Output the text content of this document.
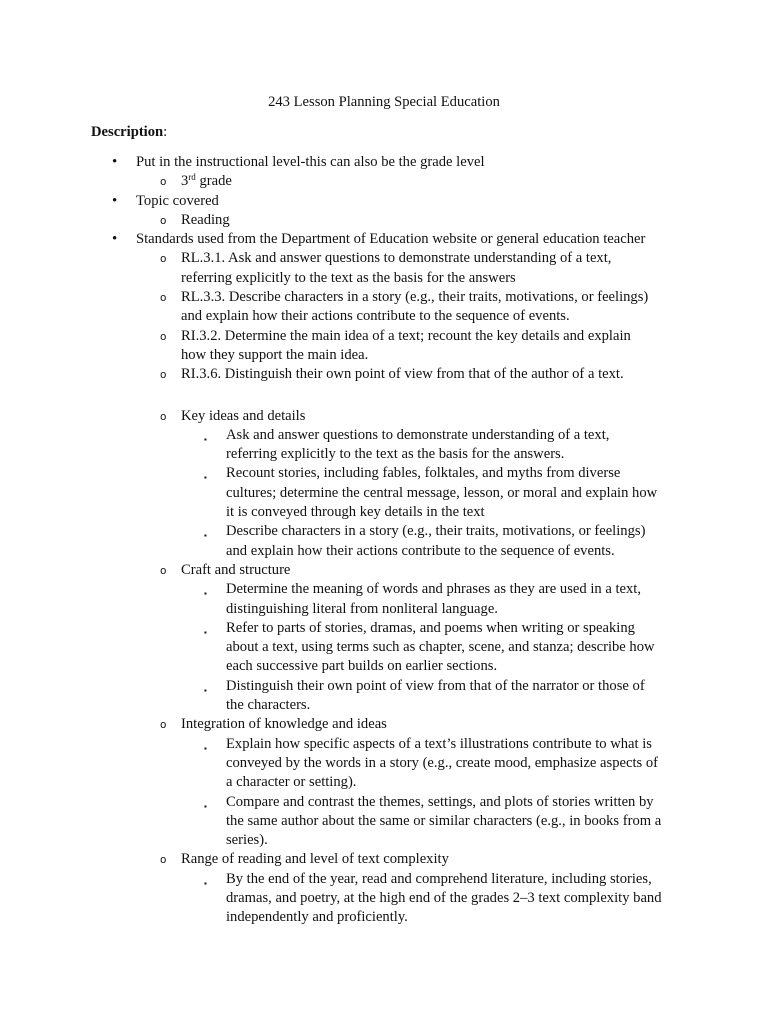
243 Lesson Planning Special Education
Description:
• Put in the instructional level-this can also be the grade level
o 3rd grade
• Topic covered
o Reading
• Standards used from the Department of Education website or general education teacher
o RL.3.1. Ask and answer questions to demonstrate understanding of a text,
referring explicitly to the text as the basis for the answers
o RL.3.3. Describe characters in a story (e.g., their traits, motivations, or feelings)
and explain how their actions contribute to the sequence of events.
o RI.3.2. Determine the main idea of a text; recount the key details and explain
how they support the main idea.
o RI.3.6. Distinguish their own point of view from that of the author of a text.
o Key ideas and details
▪ Ask and answer questions to demonstrate understanding of a text,
referring explicitly to the text as the basis for the answers.
▪ Recount stories, including fables, folktales, and myths from diverse
cultures; determine the central message, lesson, or moral and explain how
it is conveyed through key details in the text
▪ Describe characters in a story (e.g., their traits, motivations, or feelings)
and explain how their actions contribute to the sequence of events.
o Craft and structure
▪ Determine the meaning of words and phrases as they are used in a text,
distinguishing literal from nonliteral language.
▪ Refer to parts of stories, dramas, and poems when writing or speaking
about a text, using terms such as chapter, scene, and stanza; describe how
each successive part builds on earlier sections.
▪ Distinguish their own point of view from that of the narrator or those of
the characters.
o Integration of knowledge and ideas
▪ Explain how specific aspects of a text’s illustrations contribute to what is
conveyed by the words in a story (e.g., create mood, emphasize aspects of
a character or setting).
▪ Compare and contrast the themes, settings, and plots of stories written by
the same author about the same or similar characters (e.g., in books from a
series).
o Range of reading and level of text complexity
▪ By the end of the year, read and comprehend literature, including stories,
dramas, and poetry, at the high end of the grades 2–3 text complexity band
independently and proficiently.
